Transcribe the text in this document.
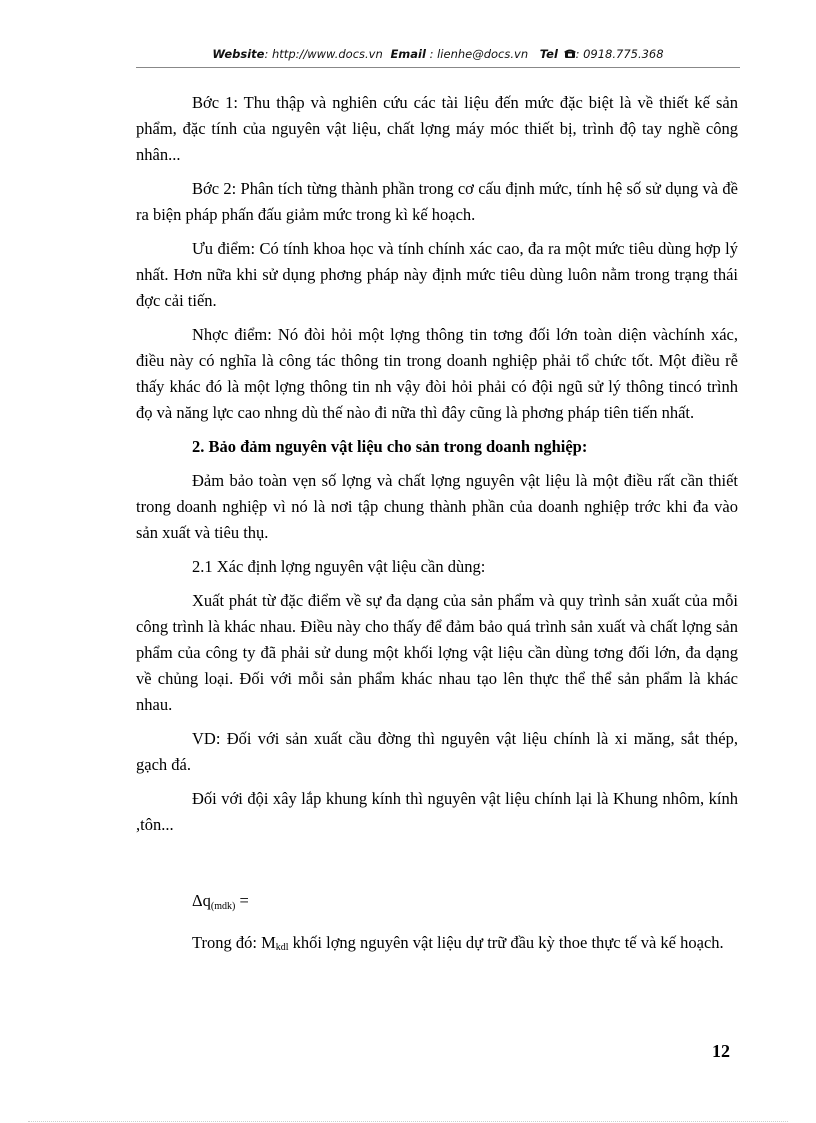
Website: http://www.docs.vn Email : lienhe@docs.vn Tel : 0918.775.368

Bớc 1: Thu thập và nghiên cứu các tài liệu đến mức đặc biệt là về thiết kế sản phẩm, đặc tính của nguyên vật liệu, chất lợng máy móc thiết bị, trình độ tay nghề công nhân...

Bớc 2: Phân tích từng thành phần trong cơ cấu định mức, tính hệ số sử dụng và đề ra biện pháp phấn đấu giảm mức trong kì kế hoạch.

Ưu điểm: Có tính khoa học và tính chính xác cao, đa ra một mức tiêu dùng hợp lý nhất. Hơn nữa khi sử dụng phơng pháp này định mức tiêu dùng luôn nằm trong trạng thái đợc cải tiến.

Nhợc điểm: Nó đòi hỏi một lợng thông tin tơng đối lớn toàn diện vàchính xác, điều này có nghĩa là công tác thông tin trong doanh nghiệp phải tổ chức tốt. Một điều rễ thấy khác đó là một lợng thông tin nh vậy đòi hỏi phải có đội ngũ sử lý thông tincó trình đọ và năng lực cao nhng dù thế nào đi nữa thì đây cũng là phơng pháp tiên tiến nhất.

2. Bảo đảm nguyên vật liệu cho sản trong doanh nghiệp:

Đảm bảo toàn vẹn số lợng và chất lợng nguyên vật liệu là một điều rất cần thiết trong doanh nghiệp vì nó là nơi tập chung thành phần của doanh nghiệp trớc khi đa vào sản xuất và tiêu thụ.

2.1 Xác định lợng nguyên vật liệu cần dùng:

Xuất phát từ đặc điểm về sự đa dạng của sản phẩm và quy trình sản xuất của mỗi công trình là khác nhau. Điều này cho thấy để đảm bảo quá trình sản xuất và chất lợng sản phẩm của công ty đã phải sử dung một khối lợng vật liệu cần dùng tơng đối lớn, đa dạng về chủng loại. Đối với mỗi sản phẩm khác nhau tạo lên thực thể thể sản phẩm là khác nhau.

VD: Đối với sản xuất cầu đờng thì nguyên vật liệu chính là xi măng, sắt thép, gạch đá.

Đối với đội xây lắp khung kính thì nguyên vật liệu chính lại là Khung nhôm, kính ,tôn...

$\Delta q_{(mdk)}$ =

Trong đó: Mkdl khối lợng nguyên vật liệu dự trữ đầu kỳ thoe thực tế và kế hoạch.

12
